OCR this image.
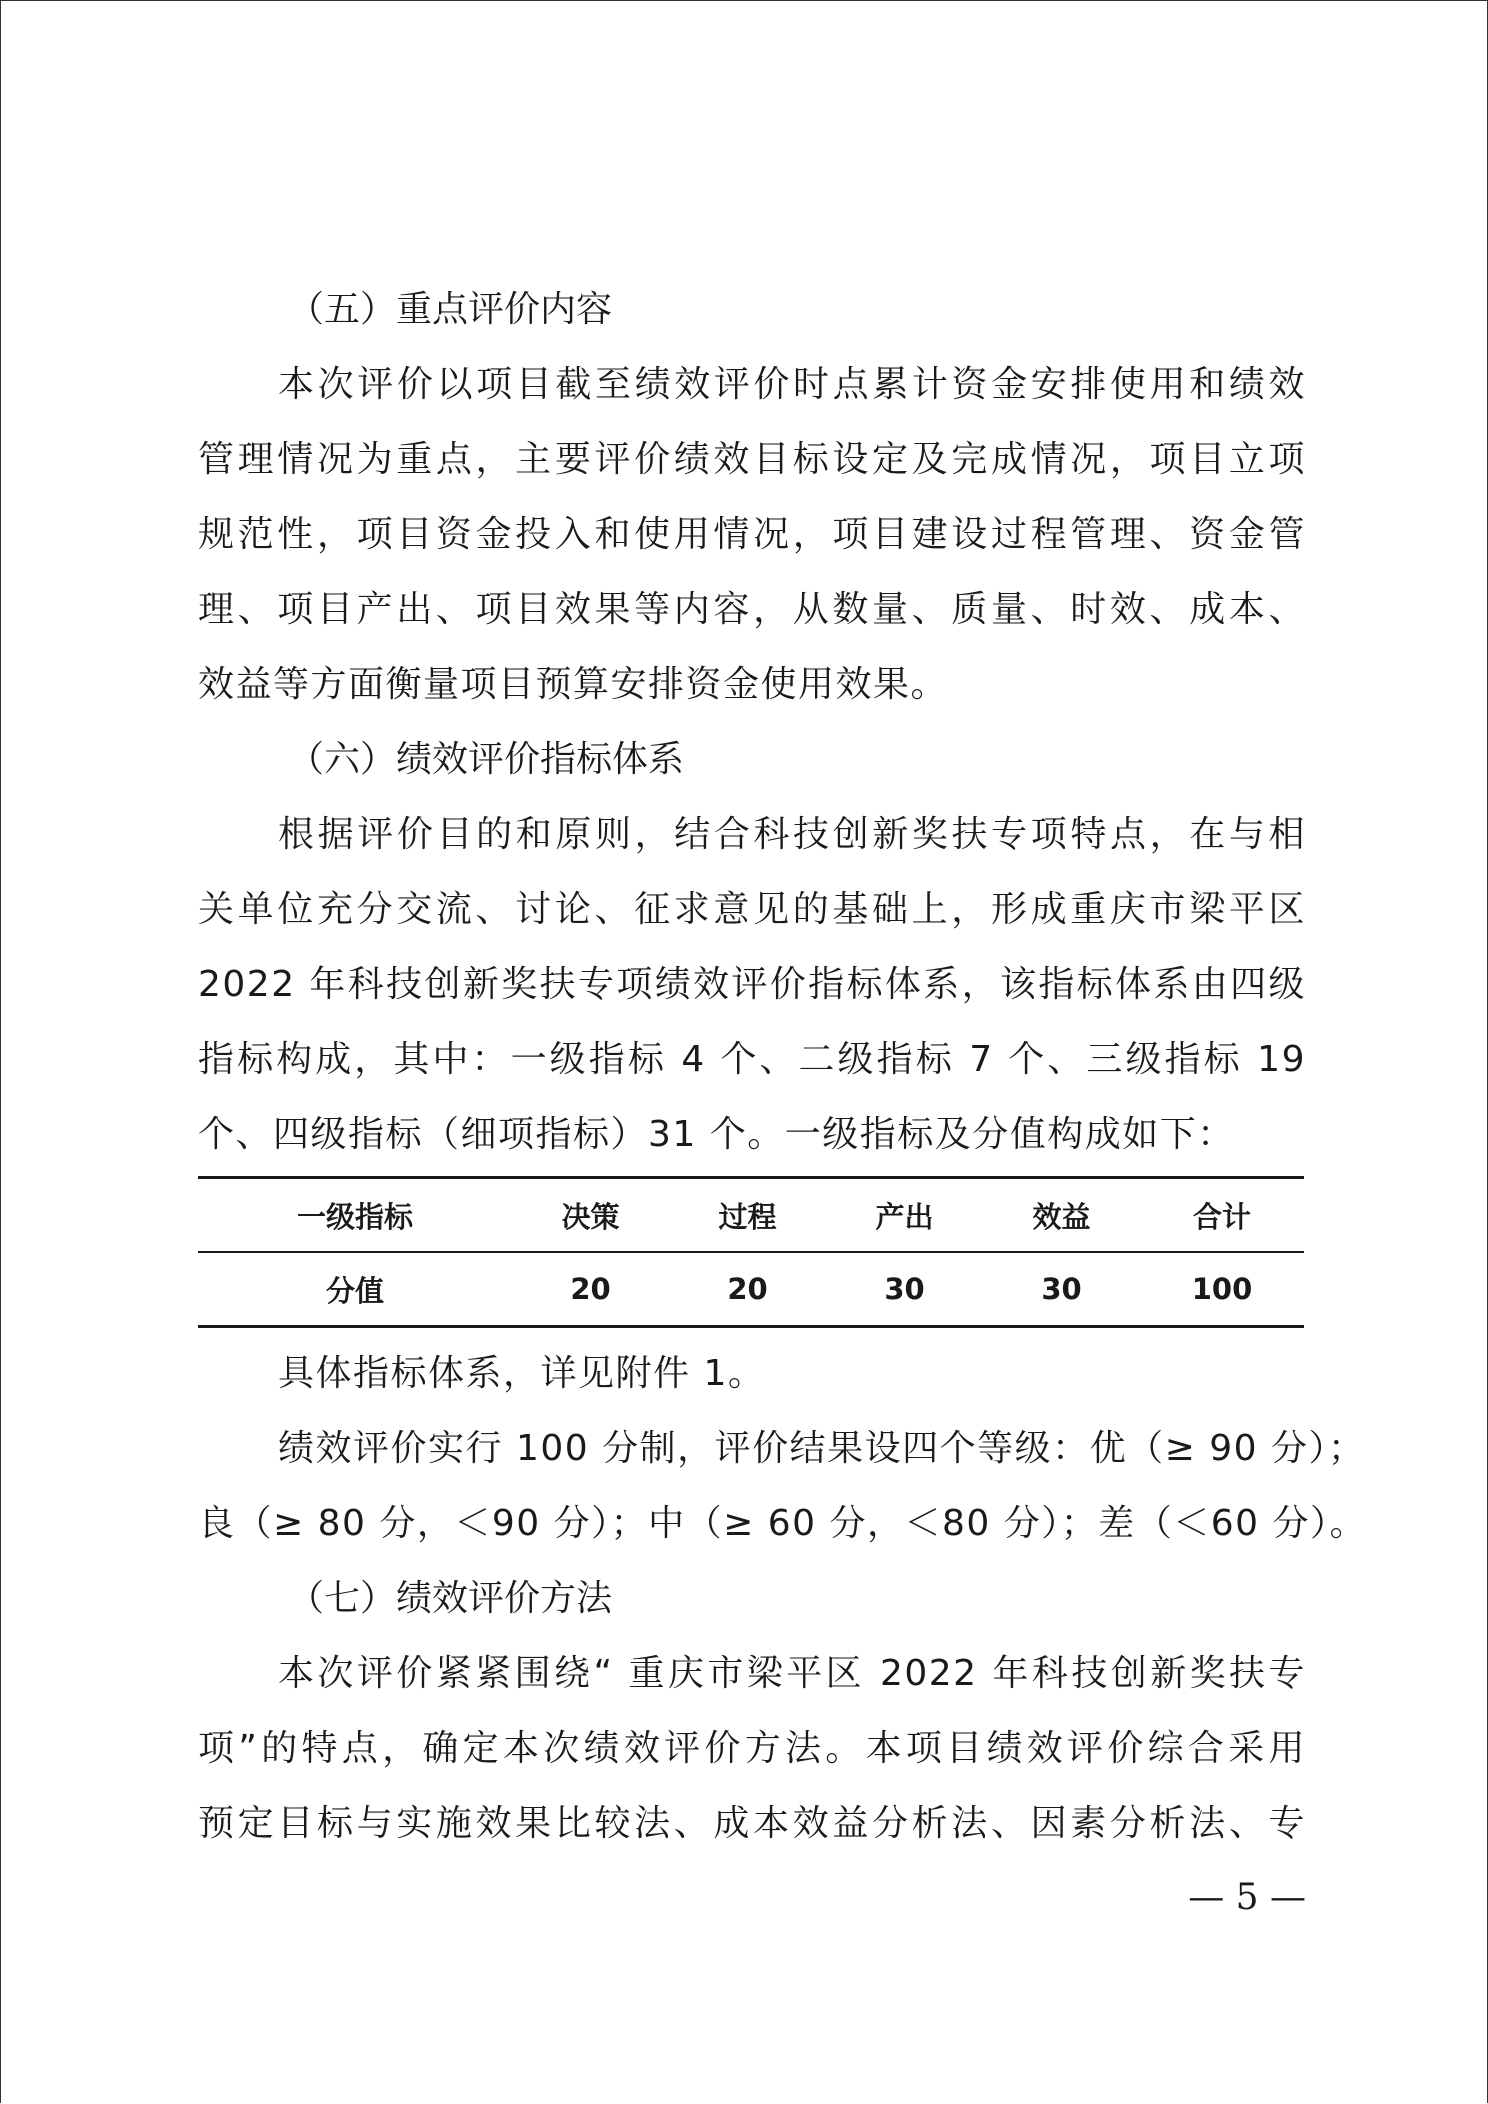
（五）重点评价内容

本次评价以项目截至绩效评价时点累计资金安排使用和绩效
管理情况为重点，主要评价绩效目标设定及完成情况，项目立项
规范性，项目资金投入和使用情况，项目建设过程管理、资金管
理、项目产出、项目效果等内容，从数量、质量、时效、成本、
效益等方面衡量项目预算安排资金使用效果。

（六）绩效评价指标体系

根据评价目的和原则，结合科技创新奖扶专项特点，在与相
关单位充分交流、讨论、征求意见的基础上，形成重庆市梁平区
2022 年科技创新奖扶专项绩效评价指标体系，该指标体系由四级
指标构成，其中：一级指标 4 个、二级指标 7 个、三级指标 19
个、四级指标（细项指标）31 个。一级指标及分值构成如下：

一级指标	决策	过程	产出	效益	合计
分值	20	20	30	30	100

具体指标体系，详见附件 1。

绩效评价实行 100 分制，评价结果设四个等级：优（≥ 90 分）；
良（≥ 80 分，＜90 分）；中（≥ 60 分，＜80 分）；差（＜60 分）。

（七）绩效评价方法

本次评价紧紧围绕“ 重庆市梁平区 2022 年科技创新奖扶专
项”的特点，确定本次绩效评价方法。本项目绩效评价综合采用
预定目标与实施效果比较法、成本效益分析法、因素分析法、专

— 5 —
